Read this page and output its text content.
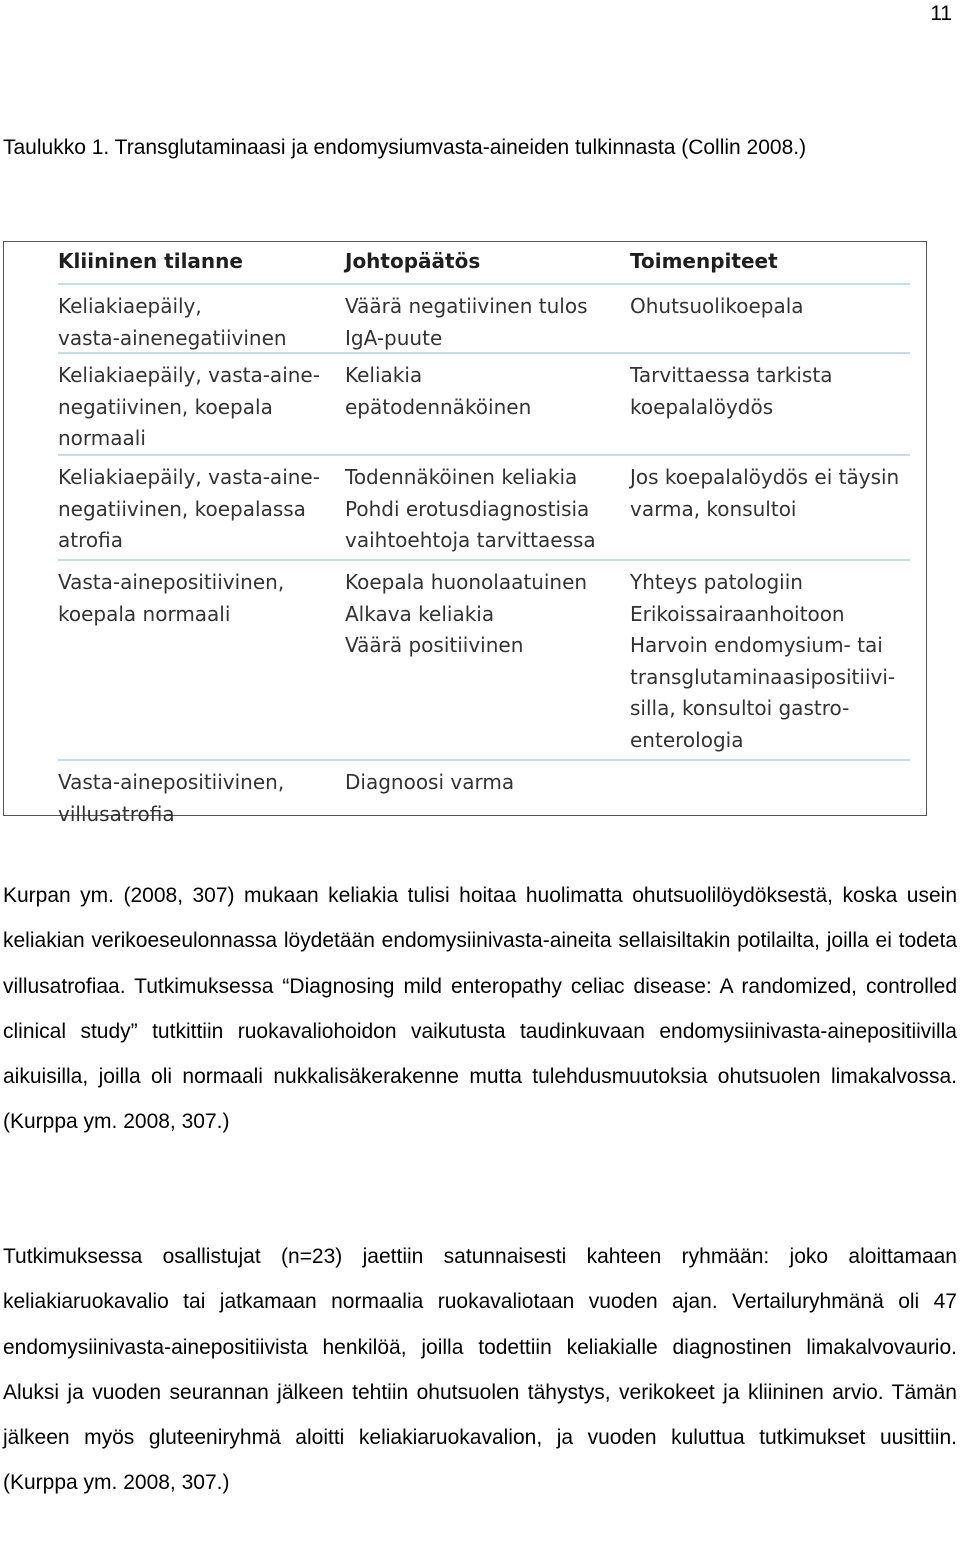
11
Taulukko 1. Transglutaminaasi ja endomysiumvasta-aineiden tulkinnasta (Collin 2008.)
Kliininen tilanne	Johtopäätös	Toimenpiteet
Keliakiaepäily,
vasta-ainenegatiivinen
Väärä negatiivinen tulos
IgA-puute
Ohutsuolikoepala
Keliakiaepäily, vasta-aine-
negatiivinen, koepala
normaali
Keliakia
epätodennäköinen
Tarvittaessa tarkista
koepalalöydös
Keliakiaepäily, vasta-aine-
negatiivinen, koepalassa
atrofia
Todennäköinen keliakia
Pohdi erotusdiagnostisia
vaihtoehtoja tarvittaessa
Jos koepalalöydös ei täysin
varma, konsultoi
Vasta-ainepositiivinen,
koepala normaali
Koepala huonolaatuinen
Alkava keliakia
Väärä positiivinen
Yhteys patologiin
Erikoissairaanhoitoon
Harvoin endomysium- tai
transglutaminaasipositiivi-
silla, konsultoi gastro-
enterologia
Vasta-ainepositiivinen,
villusatrofia
Diagnoosi varma

Kurpan ym. (2008, 307) mukaan keliakia tulisi hoitaa huolimatta ohutsuolilöydöksestä, koska usein keliakian verikoeseulonnassa löydetään endomysiinivasta-aineita sellaisiltakin potilailta, joilla ei todeta villusatrofiaa. Tutkimuksessa “Diagnosing mild enteropathy celiac disease: A randomized, controlled clinical study” tutkittiin ruokavaliohoidon vaikutusta taudinkuvaan endomysiinivasta-ainepositiivilla aikuisilla, joilla oli normaali nukkalisäkerakenne mutta tulehdusmuutoksia ohutsuolen limakalvossa. (Kurppa ym. 2008, 307.)

Tutkimuksessa osallistujat (n=23) jaettiin satunnaisesti kahteen ryhmään: joko aloittamaan keliakiaruokavalio tai jatkamaan normaalia ruokavaliotaan vuoden ajan. Vertailuryhmänä oli 47 endomysiinivasta-ainepositiivista henkilöä, joilla todettiin keliakialle diagnostinen limakalvovaurio. Aluksi ja vuoden seurannan jälkeen tehtiin ohutsuolen tähystys, verikokeet ja kliininen arvio. Tämän jälkeen myös gluteeniryhmä aloitti keliakiaruokavalion, ja vuoden kuluttua tutkimukset uusittiin. (Kurppa ym. 2008, 307.)
